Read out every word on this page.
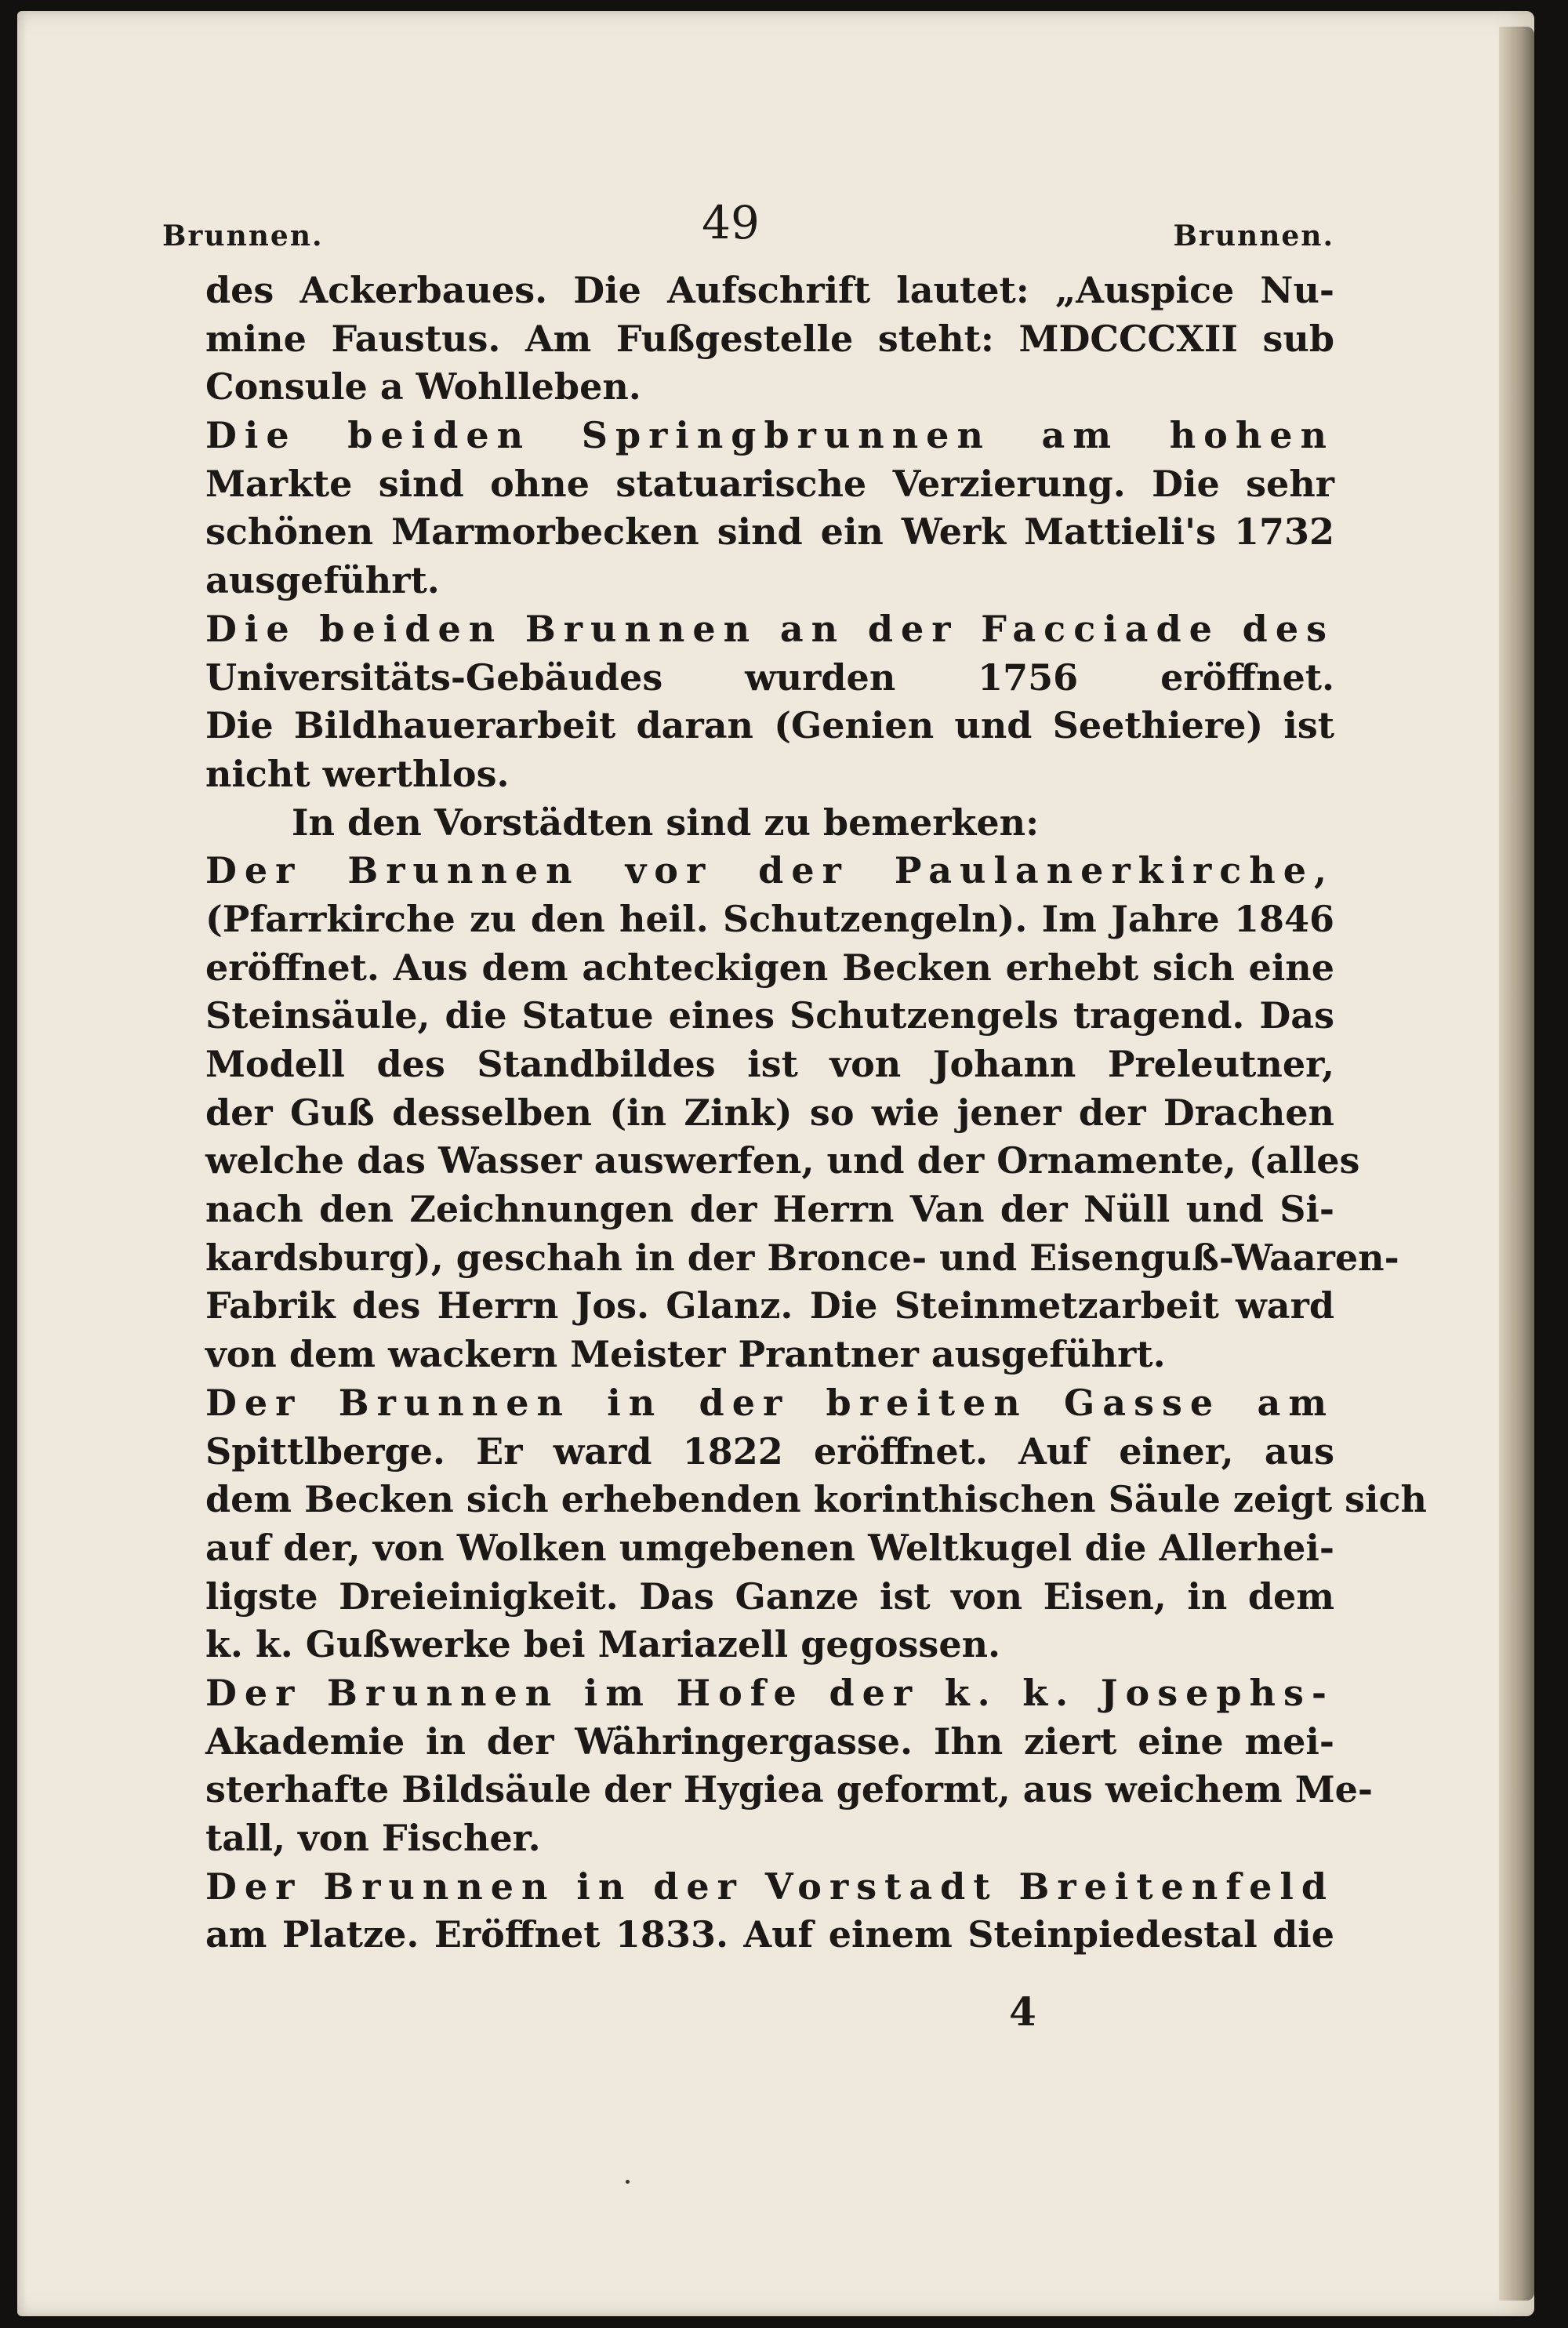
Brunnen.	49	Brunnen.
des Ackerbaues. Die Aufschrift lautet: „Auspice Nu-
mine Faustus. Am Fußgestelle steht: MDCCCXII sub
Consule a Wohlleben.
Die beiden Springbrunnen am hohen
Markte sind ohne statuarische Verzierung. Die sehr
schönen Marmorbecken sind ein Werk Mattieli's 1732
ausgeführt.
Die beiden Brunnen an der Facciade des
Universitäts-Gebäudes wurden 1756 eröffnet.
Die Bildhauerarbeit daran (Genien und Seethiere) ist
nicht werthlos.
In den Vorstädten sind zu bemerken:
Der Brunnen vor der Paulanerkirche,
(Pfarrkirche zu den heil. Schutzengeln). Im Jahre 1846
eröffnet. Aus dem achteckigen Becken erhebt sich eine
Steinsäule, die Statue eines Schutzengels tragend. Das
Modell des Standbildes ist von Johann Preleutner,
der Guß desselben (in Zink) so wie jener der Drachen
welche das Wasser auswerfen, und der Ornamente, (alles
nach den Zeichnungen der Herrn Van der Nüll und Si-
kardsburg), geschah in der Bronce- und Eisenguß-Waaren-
Fabrik des Herrn Jos. Glanz. Die Steinmetzarbeit ward
von dem wackern Meister Prantner ausgeführt.
Der Brunnen in der breiten Gasse am
Spittlberge. Er ward 1822 eröffnet. Auf einer, aus
dem Becken sich erhebenden korinthischen Säule zeigt sich
auf der, von Wolken umgebenen Weltkugel die Allerhei-
ligste Dreieinigkeit. Das Ganze ist von Eisen, in dem
k. k. Gußwerke bei Mariazell gegossen.
Der Brunnen im Hofe der k. k. Josephs-
Akademie in der Währingergasse. Ihn ziert eine mei-
sterhafte Bildsäule der Hygiea geformt, aus weichem Me-
tall, von Fischer.
Der Brunnen in der Vorstadt Breitenfeld
am Platze. Eröffnet 1833. Auf einem Steinpiedestal die
4
